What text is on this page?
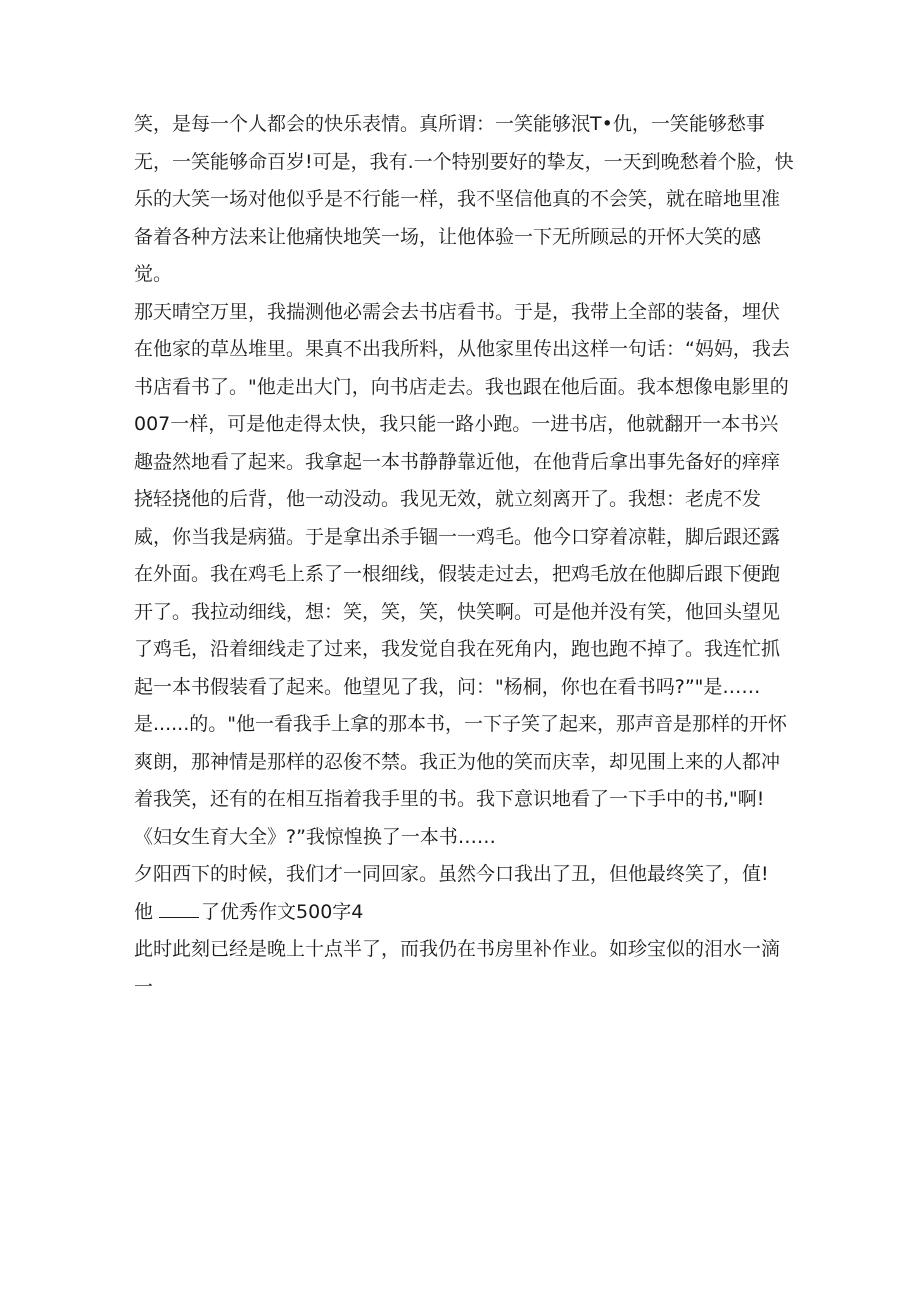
笑，是每一个人都会的快乐表情。真所谓：一笑能够泯T•仇，一笑能够愁事无，一笑能够命百岁!可是，我有.一个特别要好的挚友，一天到晚愁着个脸，快乐的大笑一场对他似乎是不行能一样，我不坚信他真的不会笑，就在暗地里准备着各种方法来让他痛快地笑一场，让他体验一下无所顾忌的开怀大笑的感觉。

那天晴空万里，我揣测他必需会去书店看书。于是，我带上全部的装备，埋伏在他家的草丛堆里。果真不出我所料，从他家里传出这样一句话：“妈妈，我去书店看书了。"他走出大门，向书店走去。我也跟在他后面。我本想像电影里的007一样，可是他走得太快，我只能一路小跑。一进书店，他就翻开一本书兴趣盎然地看了起来。我拿起一本书静静靠近他，在他背后拿出事先备好的痒痒挠轻挠他的后背，他一动没动。我见无效，就立刻离开了。我想：老虎不发威，你当我是病猫。于是拿出杀手锢一一鸡毛。他今口穿着凉鞋，脚后跟还露在外面。我在鸡毛上系了一根细线，假装走过去，把鸡毛放在他脚后跟下便跑开了。我拉动细线，想：笑，笑，笑，快笑啊。可是他并没有笑，他回头望见了鸡毛，沿着细线走了过来，我发觉自我在死角内，跑也跑不掉了。我连忙抓起一本书假装看了起来。他望见了我，问："杨桐，你也在看书吗?”"是……是......的。"他一看我手上拿的那本书，一下子笑了起来，那声音是那样的开怀爽朗，那神情是那样的忍俊不禁。我正为他的笑而庆幸，却见围上来的人都冲着我笑，还有的在相互指着我手里的书。我下意识地看了一下手中的书,"啊!《妇女生育大全》?”我惊惶换了一本书……

夕阳西下的时候，我们才一同回家。虽然今口我出了丑，但他最终笑了，值!

他	了优秀作文500字4

此时此刻已经是晚上十点半了，而我仍在书房里补作业。如珍宝似的泪水一滴一
